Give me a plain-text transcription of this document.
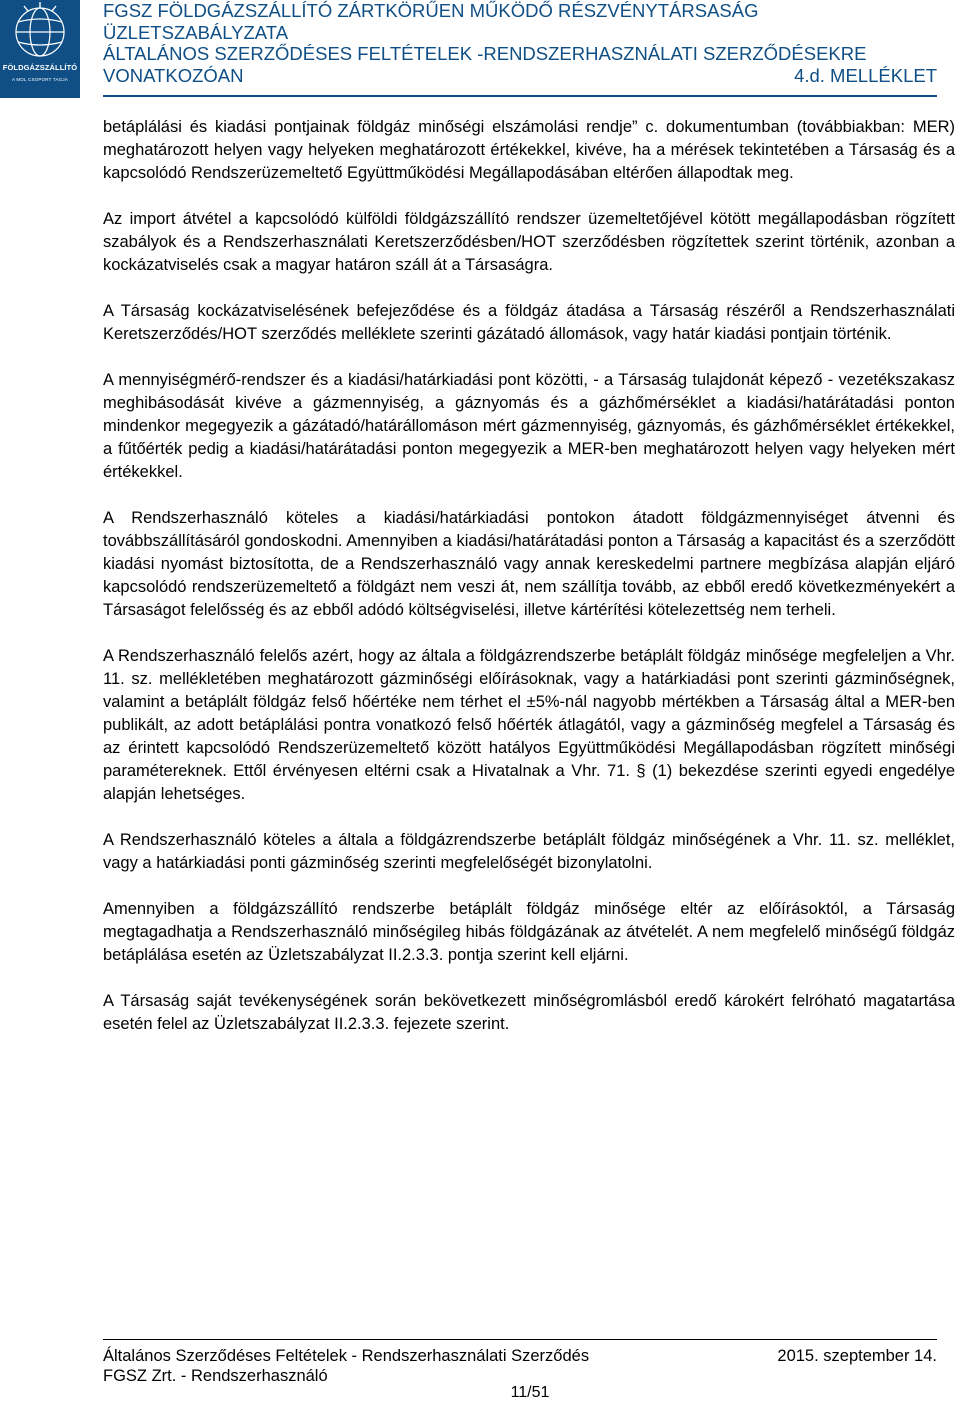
FÖLDGÁZSZÁLLÍTÓ
A MOL CSOPORT TAGJA
FGSZ FÖLDGÁZSZÁLLÍTÓ ZÁRTKÖRŰEN MŰKÖDŐ RÉSZVÉNYTÁRSASÁG
ÜZLETSZABÁLYZATA
ÁLTALÁNOS SZERZŐDÉSES FELTÉTELEK -RENDSZERHASZNÁLATI SZERZŐDÉSEKRE
VONATKOZÓAN	4.d. MELLÉKLET

betáplálási és kiadási pontjainak földgáz minőségi elszámolási rendje” c. dokumentumban (továbbiakban: MER) meghatározott helyen vagy helyeken meghatározott értékekkel, kivéve, ha a mérések tekintetében a Társaság és a kapcsolódó Rendszerüzemeltető Együttműködési Megállapodásában eltérően állapodtak meg.

Az import átvétel a kapcsolódó külföldi földgázszállító rendszer üzemeltetőjével kötött megállapodásban rögzített szabályok és a Rendszerhasználati Keretszerződésben/HOT szerződésben rögzítettek szerint történik, azonban a kockázatviselés csak a magyar határon száll át a Társaságra.

A Társaság kockázatviselésének befejeződése és a földgáz átadása a Társaság részéről a Rendszerhasználati Keretszerződés/HOT szerződés melléklete szerinti gázátadó állomások, vagy határ kiadási pontjain történik.

A mennyiségmérő-rendszer és a kiadási/határkiadási pont közötti, - a Társaság tulajdonát képező - vezetékszakasz meghibásodását kivéve a gázmennyiség, a gáznyomás és a gázhőmérséklet a kiadási/határátadási ponton mindenkor megegyezik a gázátadó/határállomáson mért gázmennyiség, gáznyomás, és gázhőmérséklet értékekkel, a fűtőérték pedig a kiadási/határátadási ponton megegyezik a MER-ben meghatározott helyen vagy helyeken mért értékekkel.

A Rendszerhasználó köteles a kiadási/határkiadási pontokon átadott földgázmennyiséget átvenni és továbbszállításáról gondoskodni. Amennyiben a kiadási/határátadási ponton a Társaság a kapacitást és a szerződött kiadási nyomást biztosította, de a Rendszerhasználó vagy annak kereskedelmi partnere megbízása alapján eljáró kapcsolódó rendszerüzemeltető a földgázt nem veszi át, nem szállítja tovább, az ebből eredő következményekért a Társaságot felelősség és az ebből adódó költségviselési, illetve kártérítési kötelezettség nem terheli.

A Rendszerhasználó felelős azért, hogy az általa a földgázrendszerbe betáplált földgáz minősége megfeleljen a Vhr. 11. sz. mellékletében meghatározott gázminőségi előírásoknak, vagy a határkiadási pont szerinti gázminőségnek, valamint a betáplált földgáz felső hőértéke nem térhet el ±5%-nál nagyobb mértékben a Társaság által a MER-ben publikált, az adott betáplálási pontra vonatkozó felső hőérték átlagától, vagy a gázminőség megfelel a Társaság és az érintett kapcsolódó Rendszerüzemeltető között hatályos Együttműködési Megállapodásban rögzített minőségi paramétereknek. Ettől érvényesen eltérni csak a Hivatalnak a Vhr. 71. § (1) bekezdése szerinti egyedi engedélye alapján lehetséges.

A Rendszerhasználó köteles a általa a földgázrendszerbe betáplált földgáz minőségének a Vhr. 11. sz. melléklet, vagy a határkiadási ponti gázminőség szerinti megfelelőségét bizonylatolni.

Amennyiben a földgázszállító rendszerbe betáplált földgáz minősége eltér az előírásoktól, a Társaság megtagadhatja a Rendszerhasználó minőségileg hibás földgázának az átvételét. A nem megfelelő minőségű földgáz betáplálása esetén az Üzletszabályzat II.2.3.3. pontja szerint kell eljárni.

A Társaság saját tevékenységének során bekövetkezett minőségromlásból eredő károkért felróható magatartása esetén felel az Üzletszabályzat II.2.3.3. fejezete szerint.

Általános Szerződéses Feltételek - Rendszerhasználati Szerződés	2015. szeptember 14.
FGSZ Zrt. - Rendszerhasználó
11/51
